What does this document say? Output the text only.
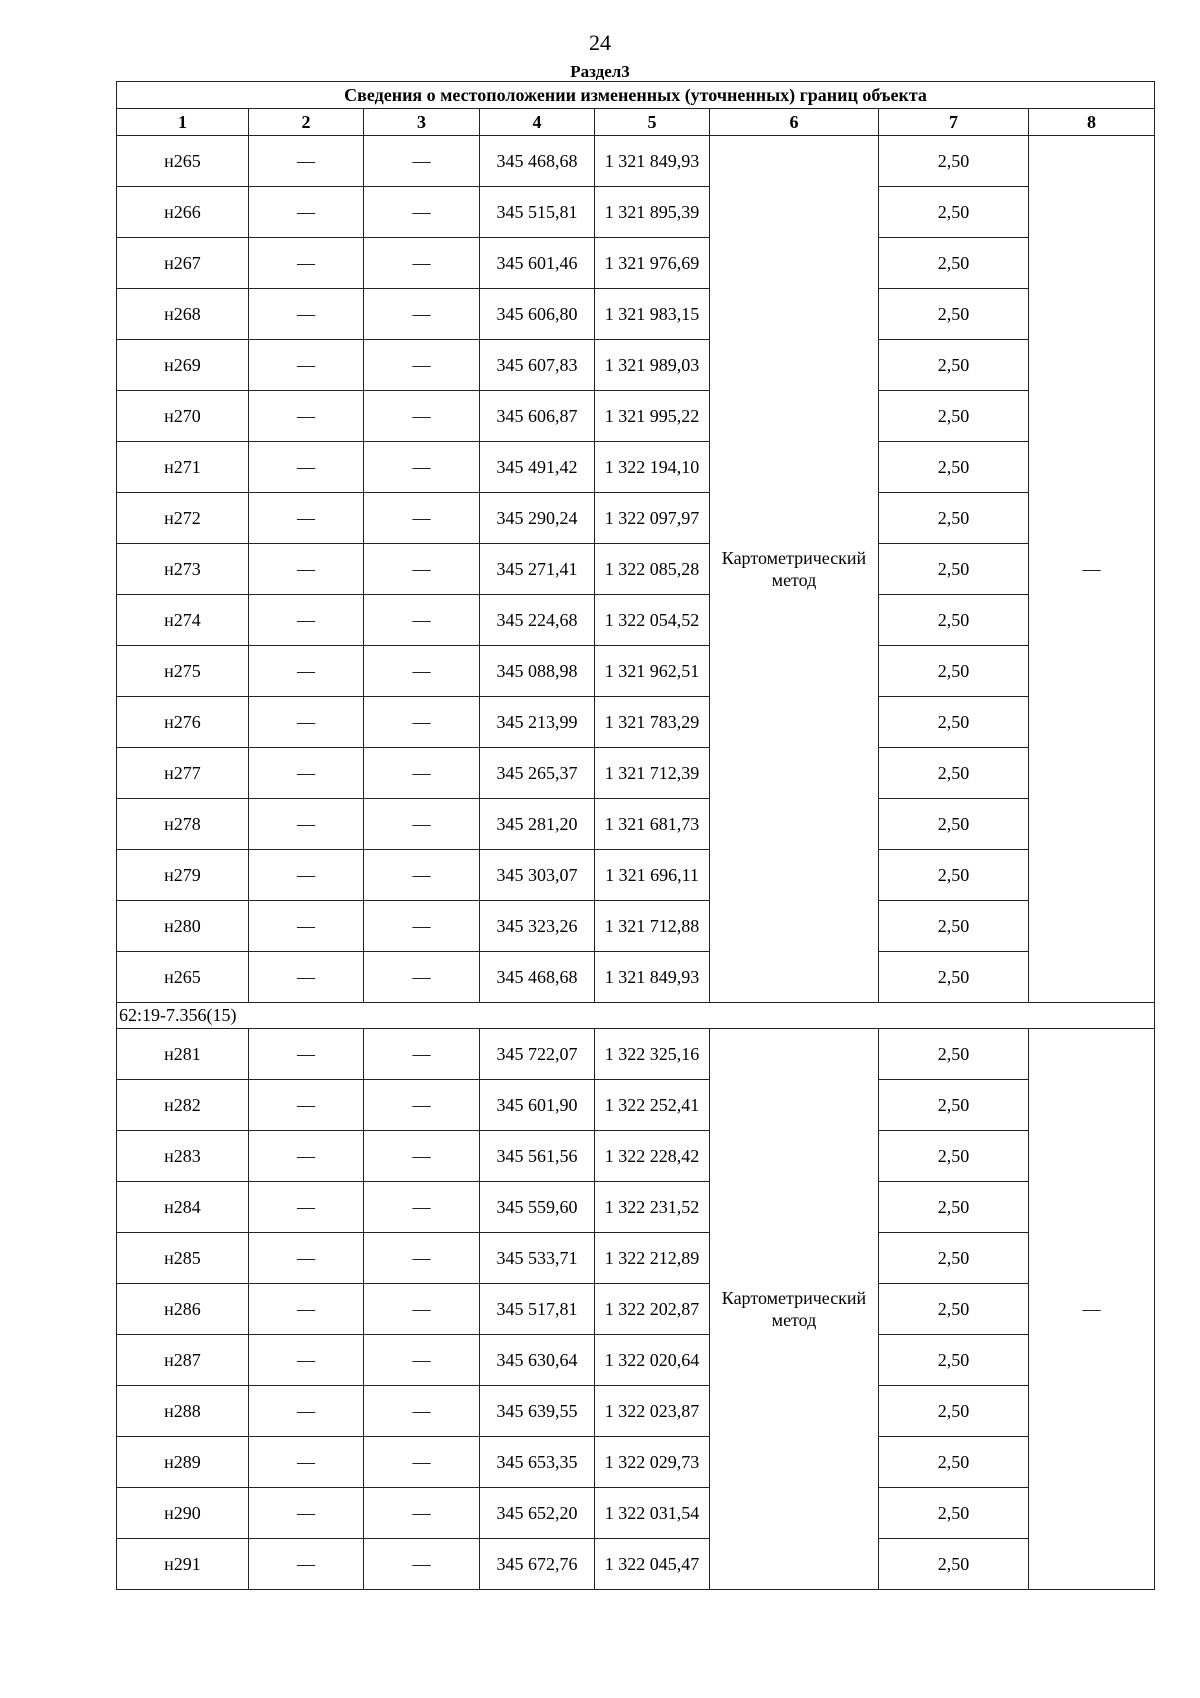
24
Раздел3
Сведения о местоположении измененных (уточненных) границ объекта							
1	2	3	4	5	6	7	8
н265	—	—	345 468,68	1 321 849,93	Картометрический
метод	2,50	—
н266	—	—	345 515,81	1 321 895,39		2,50	
н267	—	—	345 601,46	1 321 976,69		2,50	
н268	—	—	345 606,80	1 321 983,15		2,50	
н269	—	—	345 607,83	1 321 989,03		2,50	
н270	—	—	345 606,87	1 321 995,22		2,50	
н271	—	—	345 491,42	1 322 194,10		2,50	
н272	—	—	345 290,24	1 322 097,97		2,50	
н273	—	—	345 271,41	1 322 085,28		2,50	
н274	—	—	345 224,68	1 322 054,52		2,50	
н275	—	—	345 088,98	1 321 962,51		2,50	
н276	—	—	345 213,99	1 321 783,29		2,50	
н277	—	—	345 265,37	1 321 712,39		2,50	
н278	—	—	345 281,20	1 321 681,73		2,50	
н279	—	—	345 303,07	1 321 696,11		2,50	
н280	—	—	345 323,26	1 321 712,88		2,50	
н265	—	—	345 468,68	1 321 849,93		2,50	
62:19-7.356(15)							
н281	—	—	345 722,07	1 322 325,16	Картометрический
метод	2,50	—
н282	—	—	345 601,90	1 322 252,41		2,50	
н283	—	—	345 561,56	1 322 228,42		2,50	
н284	—	—	345 559,60	1 322 231,52		2,50	
н285	—	—	345 533,71	1 322 212,89		2,50	
н286	—	—	345 517,81	1 322 202,87		2,50	
н287	—	—	345 630,64	1 322 020,64		2,50	
н288	—	—	345 639,55	1 322 023,87		2,50	
н289	—	—	345 653,35	1 322 029,73		2,50	
н290	—	—	345 652,20	1 322 031,54		2,50	
н291	—	—	345 672,76	1 322 045,47		2,50	
